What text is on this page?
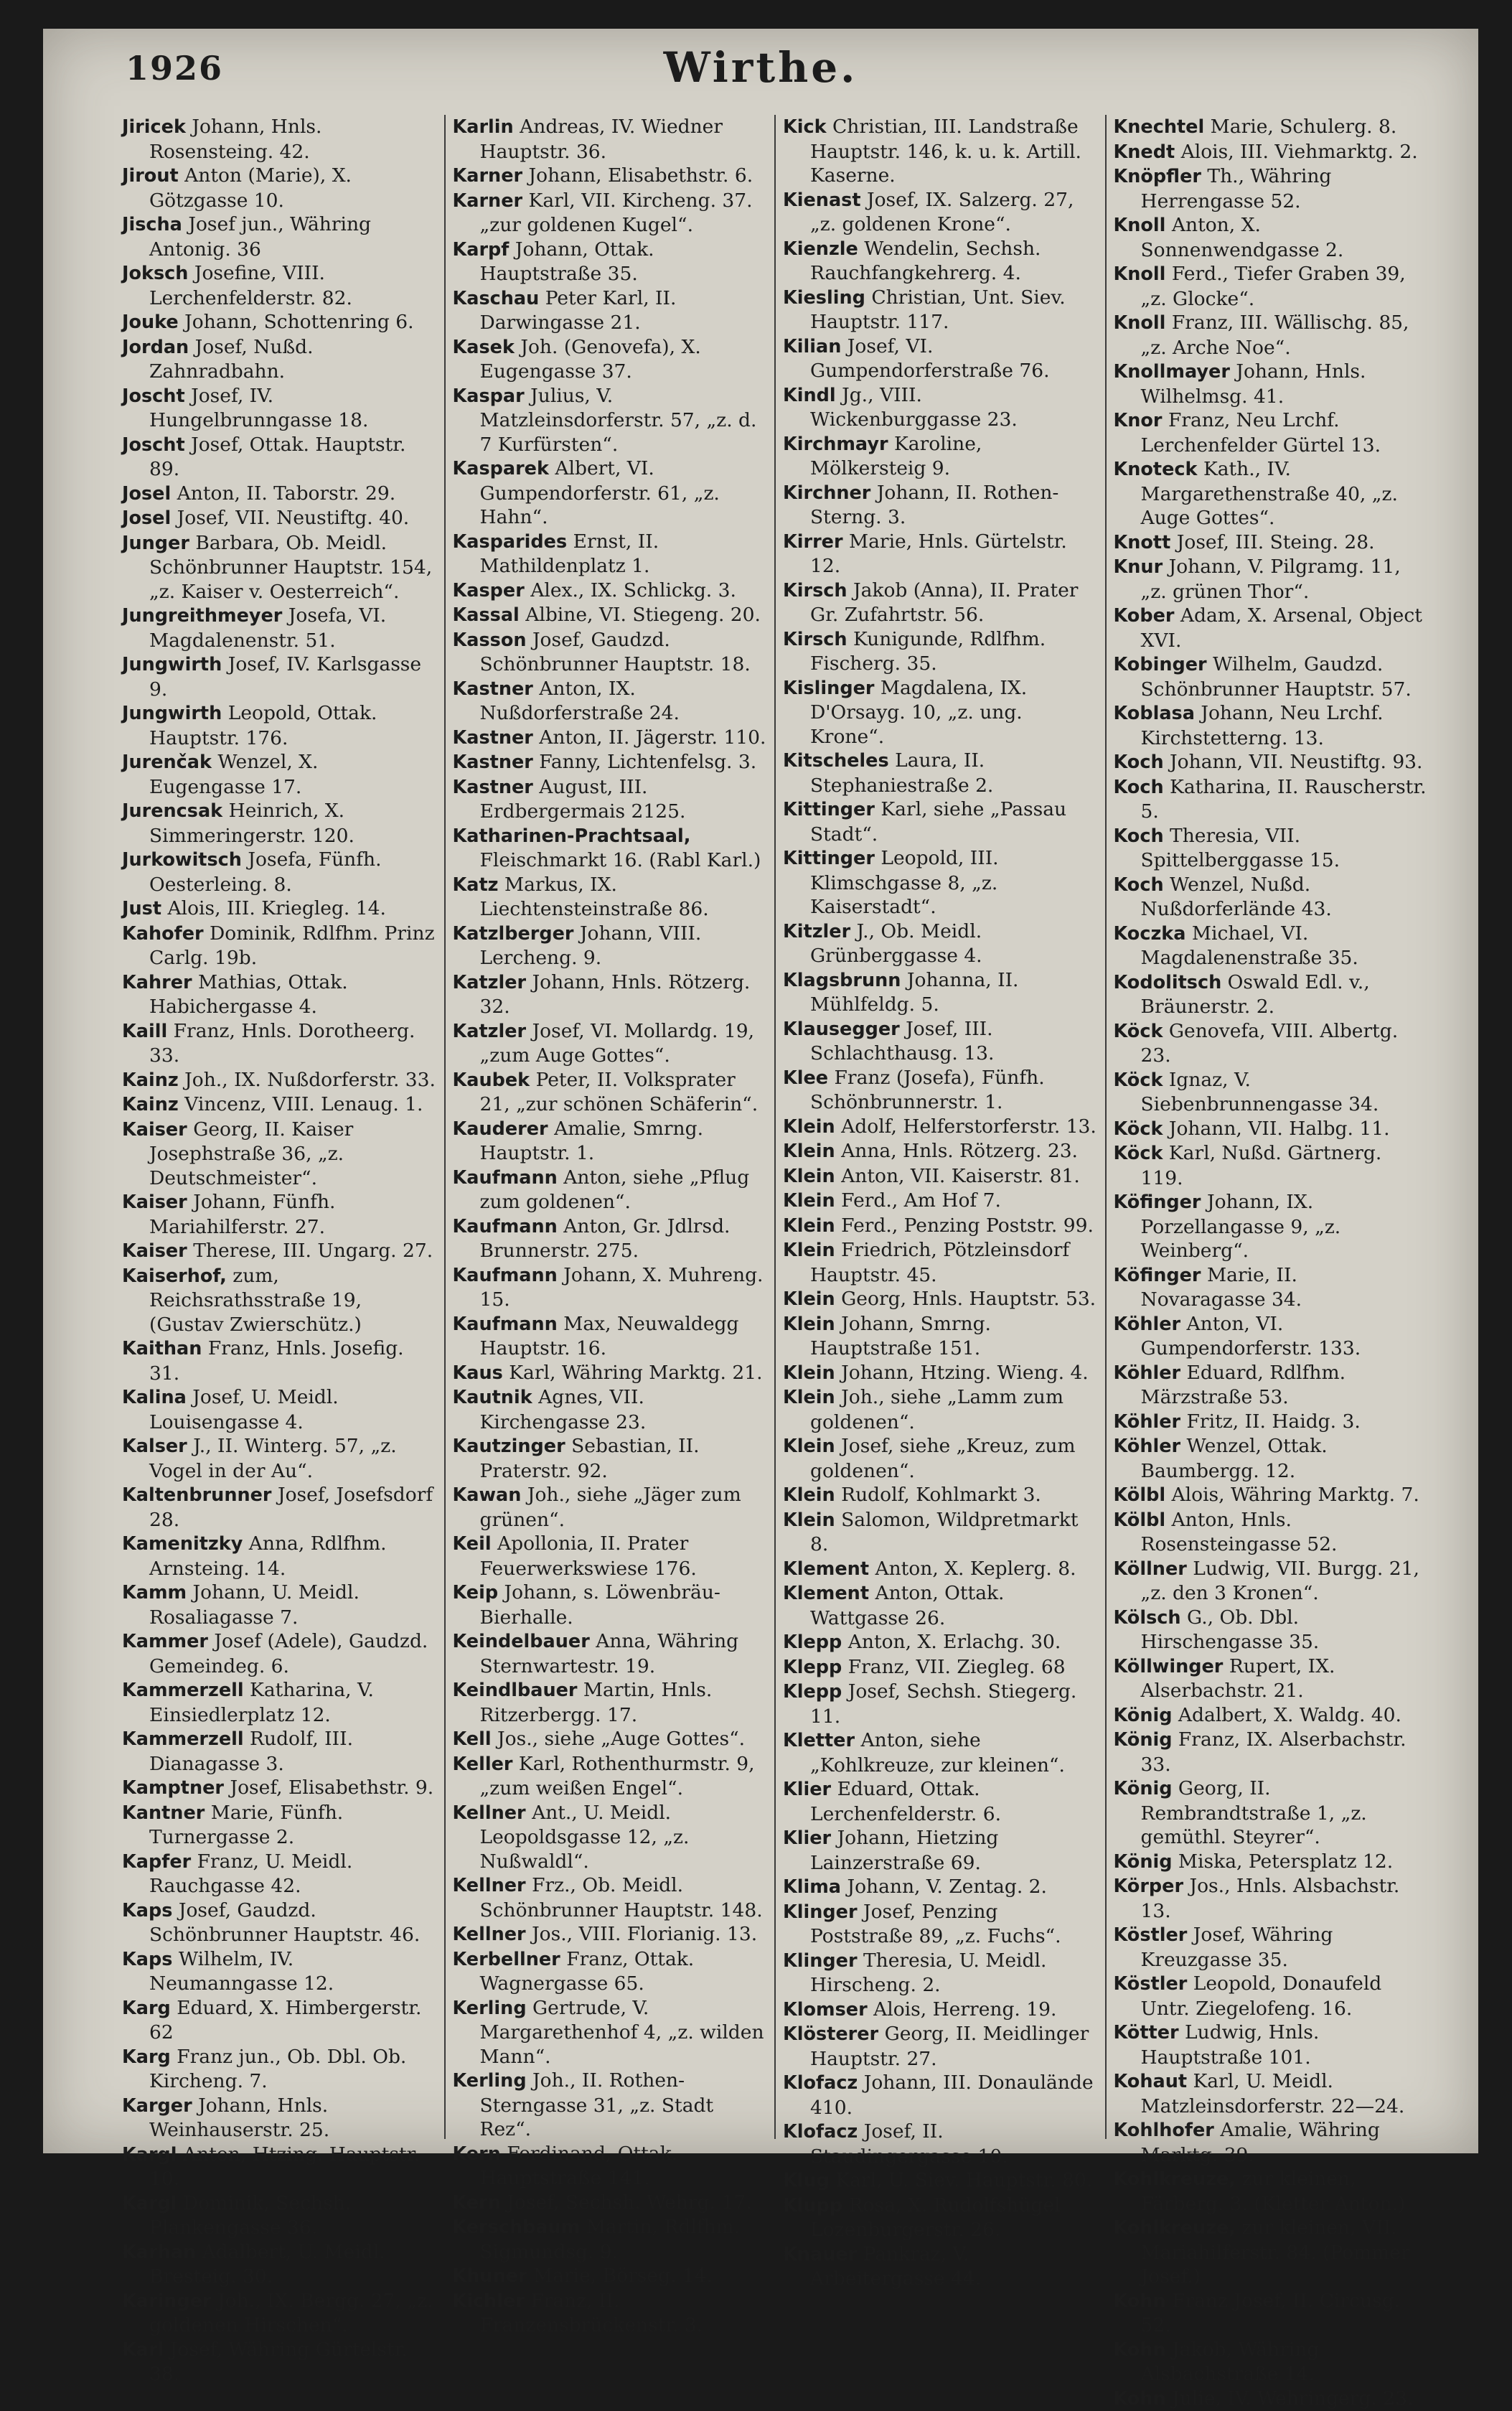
1926	Wirthe.

Jiricek Johann, Hnls. Rosensteing. 42.

Jirout Anton (Marie), X. Götzgasse 10.

Jischa Josef jun., Währing Antonig. 36

Joksch Josefine, VIII. Lerchenfelderstr. 82.

Jouke Johann, Schottenring 6.

Jordan Josef, Nußd. Zahnradbahn.

Joscht Josef, IV. Hungelbrunngasse 18.

Joscht Josef, Ottak. Hauptstr. 89.

Josel Anton, II. Taborstr. 29.

Josel Josef, VII. Neustiftg. 40.

Junger Barbara, Ob. Meidl. Schönbrunner Hauptstr. 154, „z. Kaiser v. Oesterreich“.

Jungreithmeyer Josefa, VI. Magdalenenstr. 51.

Jungwirth Josef, IV. Karlsgasse 9.

Jungwirth Leopold, Ottak. Hauptstr. 176.

Jurenčak Wenzel, X. Eugengasse 17.

Jurencsak Heinrich, X. Simmeringerstr. 120.

Jurkowitsch Josefa, Fünfh. Oesterleing. 8.

Just Alois, III. Kriegleg. 14.

Kahofer Dominik, Rdlfhm. Prinz Carlg. 19b.

Kahrer Mathias, Ottak. Habichergasse 4.

Kaill Franz, Hnls. Dorotheerg. 33.

Kainz Joh., IX. Nußdorferstr. 33.

Kainz Vincenz, VIII. Lenaug. 1.

Kaiser Georg, II. Kaiser Josephstraße 36, „z. Deutschmeister“.

Kaiser Johann, Fünfh. Mariahilferstr. 27.

Kaiser Therese, III. Ungarg. 27.

Kaiserhof, zum, Reichsrathsstraße 19, (Gustav Zwierschütz.)

Kaithan Franz, Hnls. Josefig. 31.

Kalina Josef, U. Meidl. Louisengasse 4.

Kalser J., II. Winterg. 57, „z. Vogel in der Au“.

Kaltenbrunner Josef, Josefsdorf 28.

Kamenitzky Anna, Rdlfhm. Arnsteing. 14.

Kamm Johann, U. Meidl. Rosaliagasse 7.

Kammer Josef (Adele), Gaudzd. Gemeindeg. 6.

Kammerzell Katharina, V. Einsiedlerplatz 12.

Kammerzell Rudolf, III. Dianagasse 3.

Kamptner Josef, Elisabethstr. 9.

Kantner Marie, Fünfh. Turnergasse 2.

Kapfer Franz, U. Meidl. Rauchgasse 42.

Kaps Josef, Gaudzd. Schönbrunner Hauptstr. 46.

Kaps Wilhelm, IV. Neumanngasse 12.

Karg Eduard, X. Himbergerstr. 62

Karg Franz jun., Ob. Dbl. Ob. Kircheng. 7.

Karger Johann, Hnls. Weinhauserstr. 25.

Kargl Anton, Htzing. Hauptstr. 10.

Kargl Dominik, Sechsh. Plankengasse 36.

Karhan Adalbert, U. Meidl. Bresteig. 30.

Karinger Joh., IX. Bergg. 27, „z. goldenen Hirschen“.

Karl Josef, Währing Gürtelstr. 38.

Karlin Andreas, IV. Wiedner Hauptstr. 36.

Karner Johann, Elisabethstr. 6.

Karner Karl, VII. Kircheng. 37. „zur goldenen Kugel“.

Karpf Johann, Ottak. Hauptstraße 35.

Kaschau Peter Karl, II. Darwingasse 21.

Kasek Joh. (Genovefa), X. Eugengasse 37.

Kaspar Julius, V. Matzleinsdorferstr. 57, „z. d. 7 Kurfürsten“.

Kasparek Albert, VI. Gumpendorferstr. 61, „z. Hahn“.

Kasparides Ernst, II. Mathildenplatz 1.

Kasper Alex., IX. Schlickg. 3.

Kassal Albine, VI. Stiegeng. 20.

Kasson Josef, Gaudzd. Schönbrunner Hauptstr. 18.

Kastner Anton, IX. Nußdorferstraße 24.

Kastner Anton, II. Jägerstr. 110.

Kastner Fanny, Lichtenfelsg. 3.

Kastner August, III. Erdbergermais 2125.

Katharinen-Prachtsaal, Fleischmarkt 16. (Rabl Karl.)

Katz Markus, IX. Liechtensteinstraße 86.

Katzlberger Johann, VIII. Lercheng. 9.

Katzler Johann, Hnls. Rötzerg. 32.

Katzler Josef, VI. Mollardg. 19, „zum Auge Gottes“.

Kaubek Peter, II. Volksprater 21, „zur schönen Schäferin“.

Kauderer Amalie, Smrng. Hauptstr. 1.

Kaufmann Anton, siehe „Pflug zum goldenen“.

Kaufmann Anton, Gr. Jdlrsd. Brunnerstr. 275.

Kaufmann Johann, X. Muhreng. 15.

Kaufmann Max, Neuwaldegg Hauptstr. 16.

Kaus Karl, Währing Marktg. 21.

Kautnik Agnes, VII. Kirchengasse 23.

Kautzinger Sebastian, II. Praterstr. 92.

Kawan Joh., siehe „Jäger zum grünen“.

Keil Apollonia, II. Prater Feuerwerkswiese 176.

Keip Johann, s. Löwenbräu-Bierhalle.

Keindelbauer Anna, Währing Sternwartestr. 19.

Keindlbauer Martin, Hnls. Ritzerbergg. 17.

Kell Jos., siehe „Auge Gottes“.

Keller Karl, Rothenthurmstr. 9, „zum weißen Engel“.

Kellner Ant., U. Meidl. Leopoldsgasse 12, „z. Nußwaldl“.

Kellner Frz., Ob. Meidl. Schönbrunner Hauptstr. 148.

Kellner Jos., VIII. Florianig. 13.

Kerbellner Franz, Ottak. Wagnergasse 65.

Kerling Gertrude, V. Margarethenhof 4, „z. wilden Mann“.

Kerling Joh., II. Rothen-Sterngasse 31, „z. Stadt Rez“.

Kern Ferdinand, Ottak. Hauptstraße 141.

Kern Josef, Sechsh. Wehrg. 17.

Kerschbaum Martin, Rdlfhm. Sigmundsg. 9.

Khuner Marie, Börseg. 14.

Kichler Franz, II. Franzensbrückenstr. 3.

Kick Christian, III. Landstraße Hauptstr. 146, k. u. k. Artill. Kaserne.

Kienast Josef, IX. Salzerg. 27, „z. goldenen Krone“.

Kienzle Wendelin, Sechsh. Rauchfangkehrerg. 4.

Kiesling Christian, Unt. Siev. Hauptstr. 117.

Kilian Josef, VI. Gumpendorferstraße 76.

Kindl Jg., VIII. Wickenburggasse 23.

Kirchmayr Karoline, Mölkersteig 9.

Kirchner Johann, II. Rothen-Sterng. 3.

Kirrer Marie, Hnls. Gürtelstr. 12.

Kirsch Jakob (Anna), II. Prater Gr. Zufahrtstr. 56.

Kirsch Kunigunde, Rdlfhm. Fischerg. 35.

Kislinger Magdalena, IX. D'Orsayg. 10, „z. ung. Krone“.

Kitscheles Laura, II. Stephaniestraße 2.

Kittinger Karl, siehe „Passau Stadt“.

Kittinger Leopold, III. Klimschgasse 8, „z. Kaiserstadt“.

Kitzler J., Ob. Meidl. Grünberggasse 4.

Klagsbrunn Johanna, II. Mühlfeldg. 5.

Klausegger Josef, III. Schlachthausg. 13.

Klee Franz (Josefa), Fünfh. Schönbrunnerstr. 1.

Klein Adolf, Helferstorferstr. 13.

Klein Anna, Hnls. Rötzerg. 23.

Klein Anton, VII. Kaiserstr. 81.

Klein Ferd., Am Hof 7.

Klein Ferd., Penzing Poststr. 99.

Klein Friedrich, Pötzleinsdorf Hauptstr. 45.

Klein Georg, Hnls. Hauptstr. 53.

Klein Johann, Smrng. Hauptstraße 151.

Klein Johann, Htzing. Wieng. 4.

Klein Joh., siehe „Lamm zum goldenen“.

Klein Josef, siehe „Kreuz, zum goldenen“.

Klein Rudolf, Kohlmarkt 3.

Klein Salomon, Wildpretmarkt 8.

Klement Anton, X. Keplerg. 8.

Klement Anton, Ottak. Wattgasse 26.

Klepp Anton, X. Erlachg. 30.

Klepp Franz, VII. Ziegleg. 68

Klepp Josef, Sechsh. Stiegerg. 11.

Kletter Anton, siehe „Kohlkreuze, zur kleinen“.

Klier Eduard, Ottak. Lerchenfelderstr. 6.

Klier Johann, Hietzing Lainzerstraße 69.

Klima Johann, V. Zentag. 2.

Klinger Josef, Penzing Poststraße 89, „z. Fuchs“.

Klinger Theresia, U. Meidl. Hirscheng. 2.

Klomser Alois, Herreng. 19.

Klösterer Georg, II. Meidlinger Hauptstr. 27.

Klofacz Johann, III. Donaulände 410.

Klofacz Josef, II. Staudingergasse 10.

Klug Karl, U. Siev. Hauptstr. 80.

Klupp Rosa, X. Rudolfshügel Lozenburgerstr. 26.

Knauer Pankraz, V. Arbeitergasse 44.

Knechtel Marie, Schulerg. 8.

Knedt Alois, III. Viehmarktg. 2.

Knöpfler Th., Währing Herrengasse 52.

Knoll Anton, X. Sonnenwendgasse 2.

Knoll Ferd., Tiefer Graben 39, „z. Glocke“.

Knoll Franz, III. Wällischg. 85, „z. Arche Noe“.

Knollmayer Johann, Hnls. Wilhelmsg. 41.

Knor Franz, Neu Lrchf. Lerchenfelder Gürtel 13.

Knoteck Kath., IV. Margarethenstraße 40, „z. Auge Gottes“.

Knott Josef, III. Steing. 28.

Knur Johann, V. Pilgramg. 11, „z. grünen Thor“.

Kober Adam, X. Arsenal, Object XVI.

Kobinger Wilhelm, Gaudzd. Schönbrunner Hauptstr. 57.

Koblasa Johann, Neu Lrchf. Kirchstetterng. 13.

Koch Johann, VII. Neustiftg. 93.

Koch Katharina, II. Rauscherstr. 5.

Koch Theresia, VII. Spittelberggasse 15.

Koch Wenzel, Nußd. Nußdorferlände 43.

Koczka Michael, VI. Magdalenenstraße 35.

Kodolitsch Oswald Edl. v., Bräunerstr. 2.

Köck Genovefa, VIII. Albertg. 23.

Köck Ignaz, V. Siebenbrunnengasse 34.

Köck Johann, VII. Halbg. 11.

Köck Karl, Nußd. Gärtnerg. 119.

Köfinger Johann, IX. Porzellangasse 9, „z. Weinberg“.

Köfinger Marie, II. Novaragasse 34.

Köhler Anton, VI. Gumpendorferstr. 133.

Köhler Eduard, Rdlfhm. Märzstraße 53.

Köhler Fritz, II. Haidg. 3.

Köhler Wenzel, Ottak. Baumbergg. 12.

Kölbl Alois, Währing Marktg. 7.

Kölbl Anton, Hnls. Rosensteingasse 52.

Köllner Ludwig, VII. Burgg. 21, „z. den 3 Kronen“.

Kölsch G., Ob. Dbl. Hirschengasse 35.

Köllwinger Rupert, IX. Alserbachstr. 21.

König Adalbert, X. Waldg. 40.

König Franz, IX. Alserbachstr. 33.

König Georg, II. Rembrandtstraße 1, „z. gemüthl. Steyrer“.

König Miska, Petersplatz 12.

Körper Jos., Hnls. Alsbachstr. 13.

Köstler Josef, Währing Kreuzgasse 35.

Köstler Leopold, Donaufeld Untr. Ziegelofeng. 16.

Kötter Ludwig, Hnls. Hauptstraße 101.

Kohaut Karl, U. Meidl. Matzleinsdorferstr. 22—24.

Kohlhofer Amalie, Währing Marktg. 39.

Kohlkreuze, zur kleinen, Färberg. 3. (Kletter Anton.)

Kohlkreuze, zur kleinen, VII. Mariahilferstr. 84. (Pommer Josef.)

Kohn Franz Josef, II. Circusg. 52.

Kohn Jakob, Währing Alsbachstraße 14.

Kohn Julie, IV. Wehringerg. 23.
